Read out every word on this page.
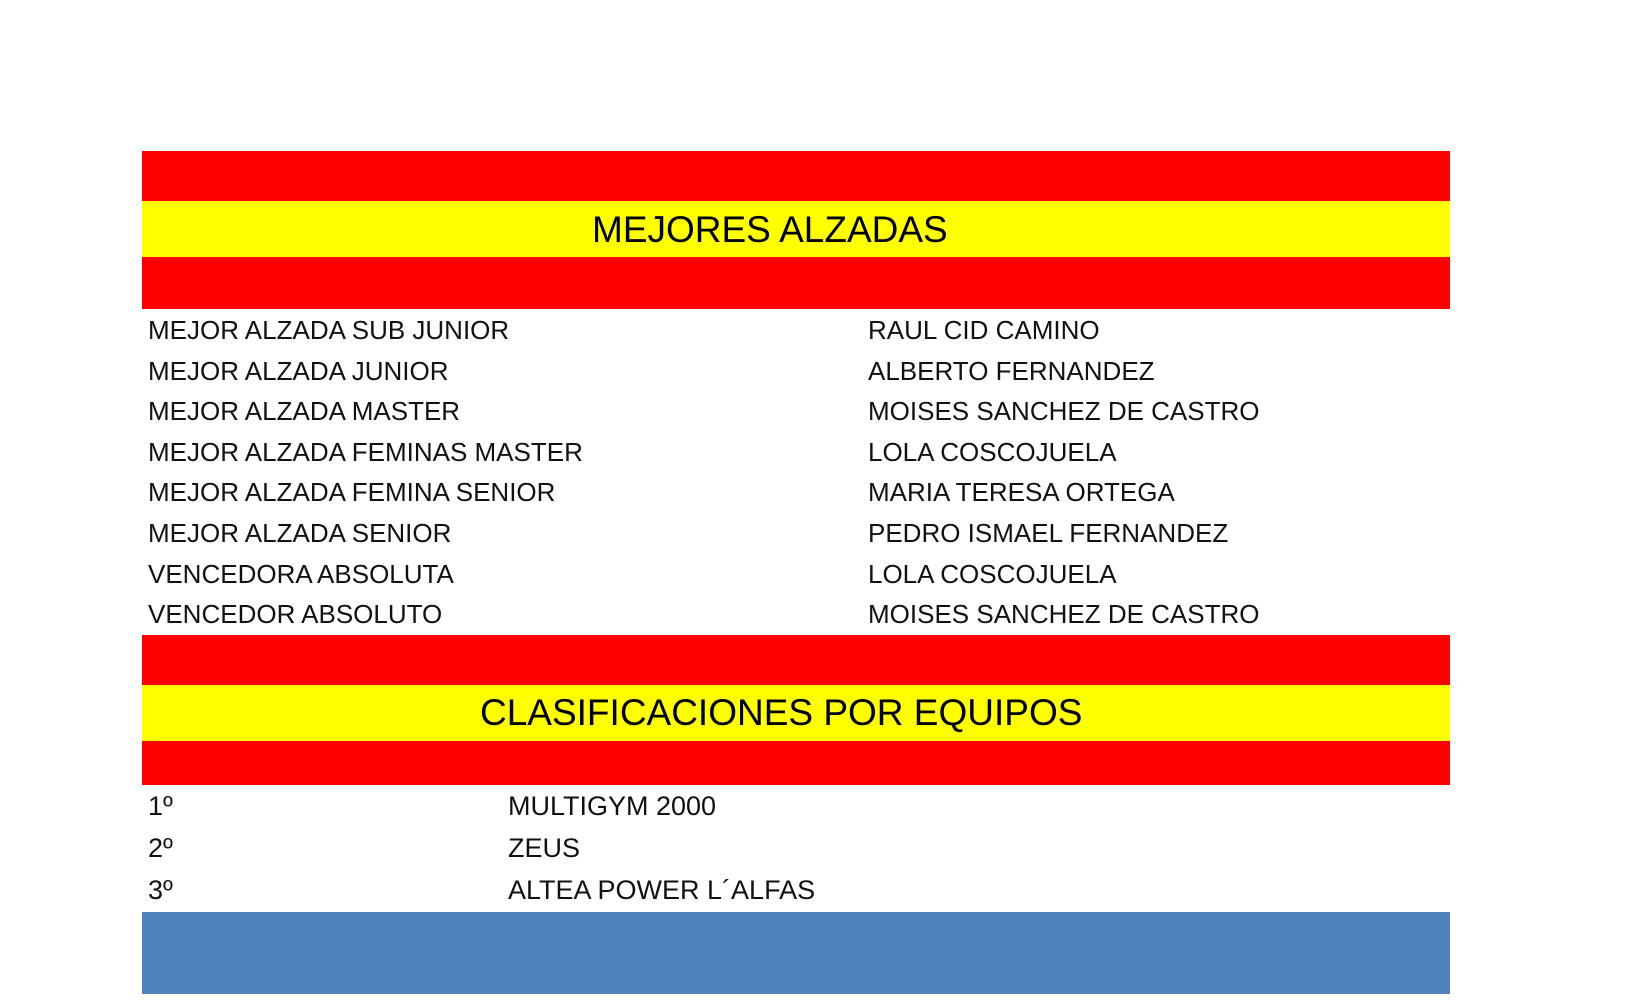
MEJORES ALZADAS
MEJOR ALZADA SUB JUNIOR	RAUL CID CAMINO
MEJOR ALZADA JUNIOR	ALBERTO FERNANDEZ
MEJOR ALZADA MASTER	MOISES SANCHEZ DE CASTRO
MEJOR ALZADA FEMINAS MASTER	LOLA COSCOJUELA
MEJOR ALZADA FEMINA SENIOR	MARIA TERESA ORTEGA
MEJOR ALZADA SENIOR	PEDRO ISMAEL FERNANDEZ
VENCEDORA ABSOLUTA	LOLA COSCOJUELA
VENCEDOR ABSOLUTO	MOISES SANCHEZ DE CASTRO
CLASIFICACIONES POR EQUIPOS
1º	MULTIGYM 2000
2º	ZEUS
3º	ALTEA POWER L´ALFAS
